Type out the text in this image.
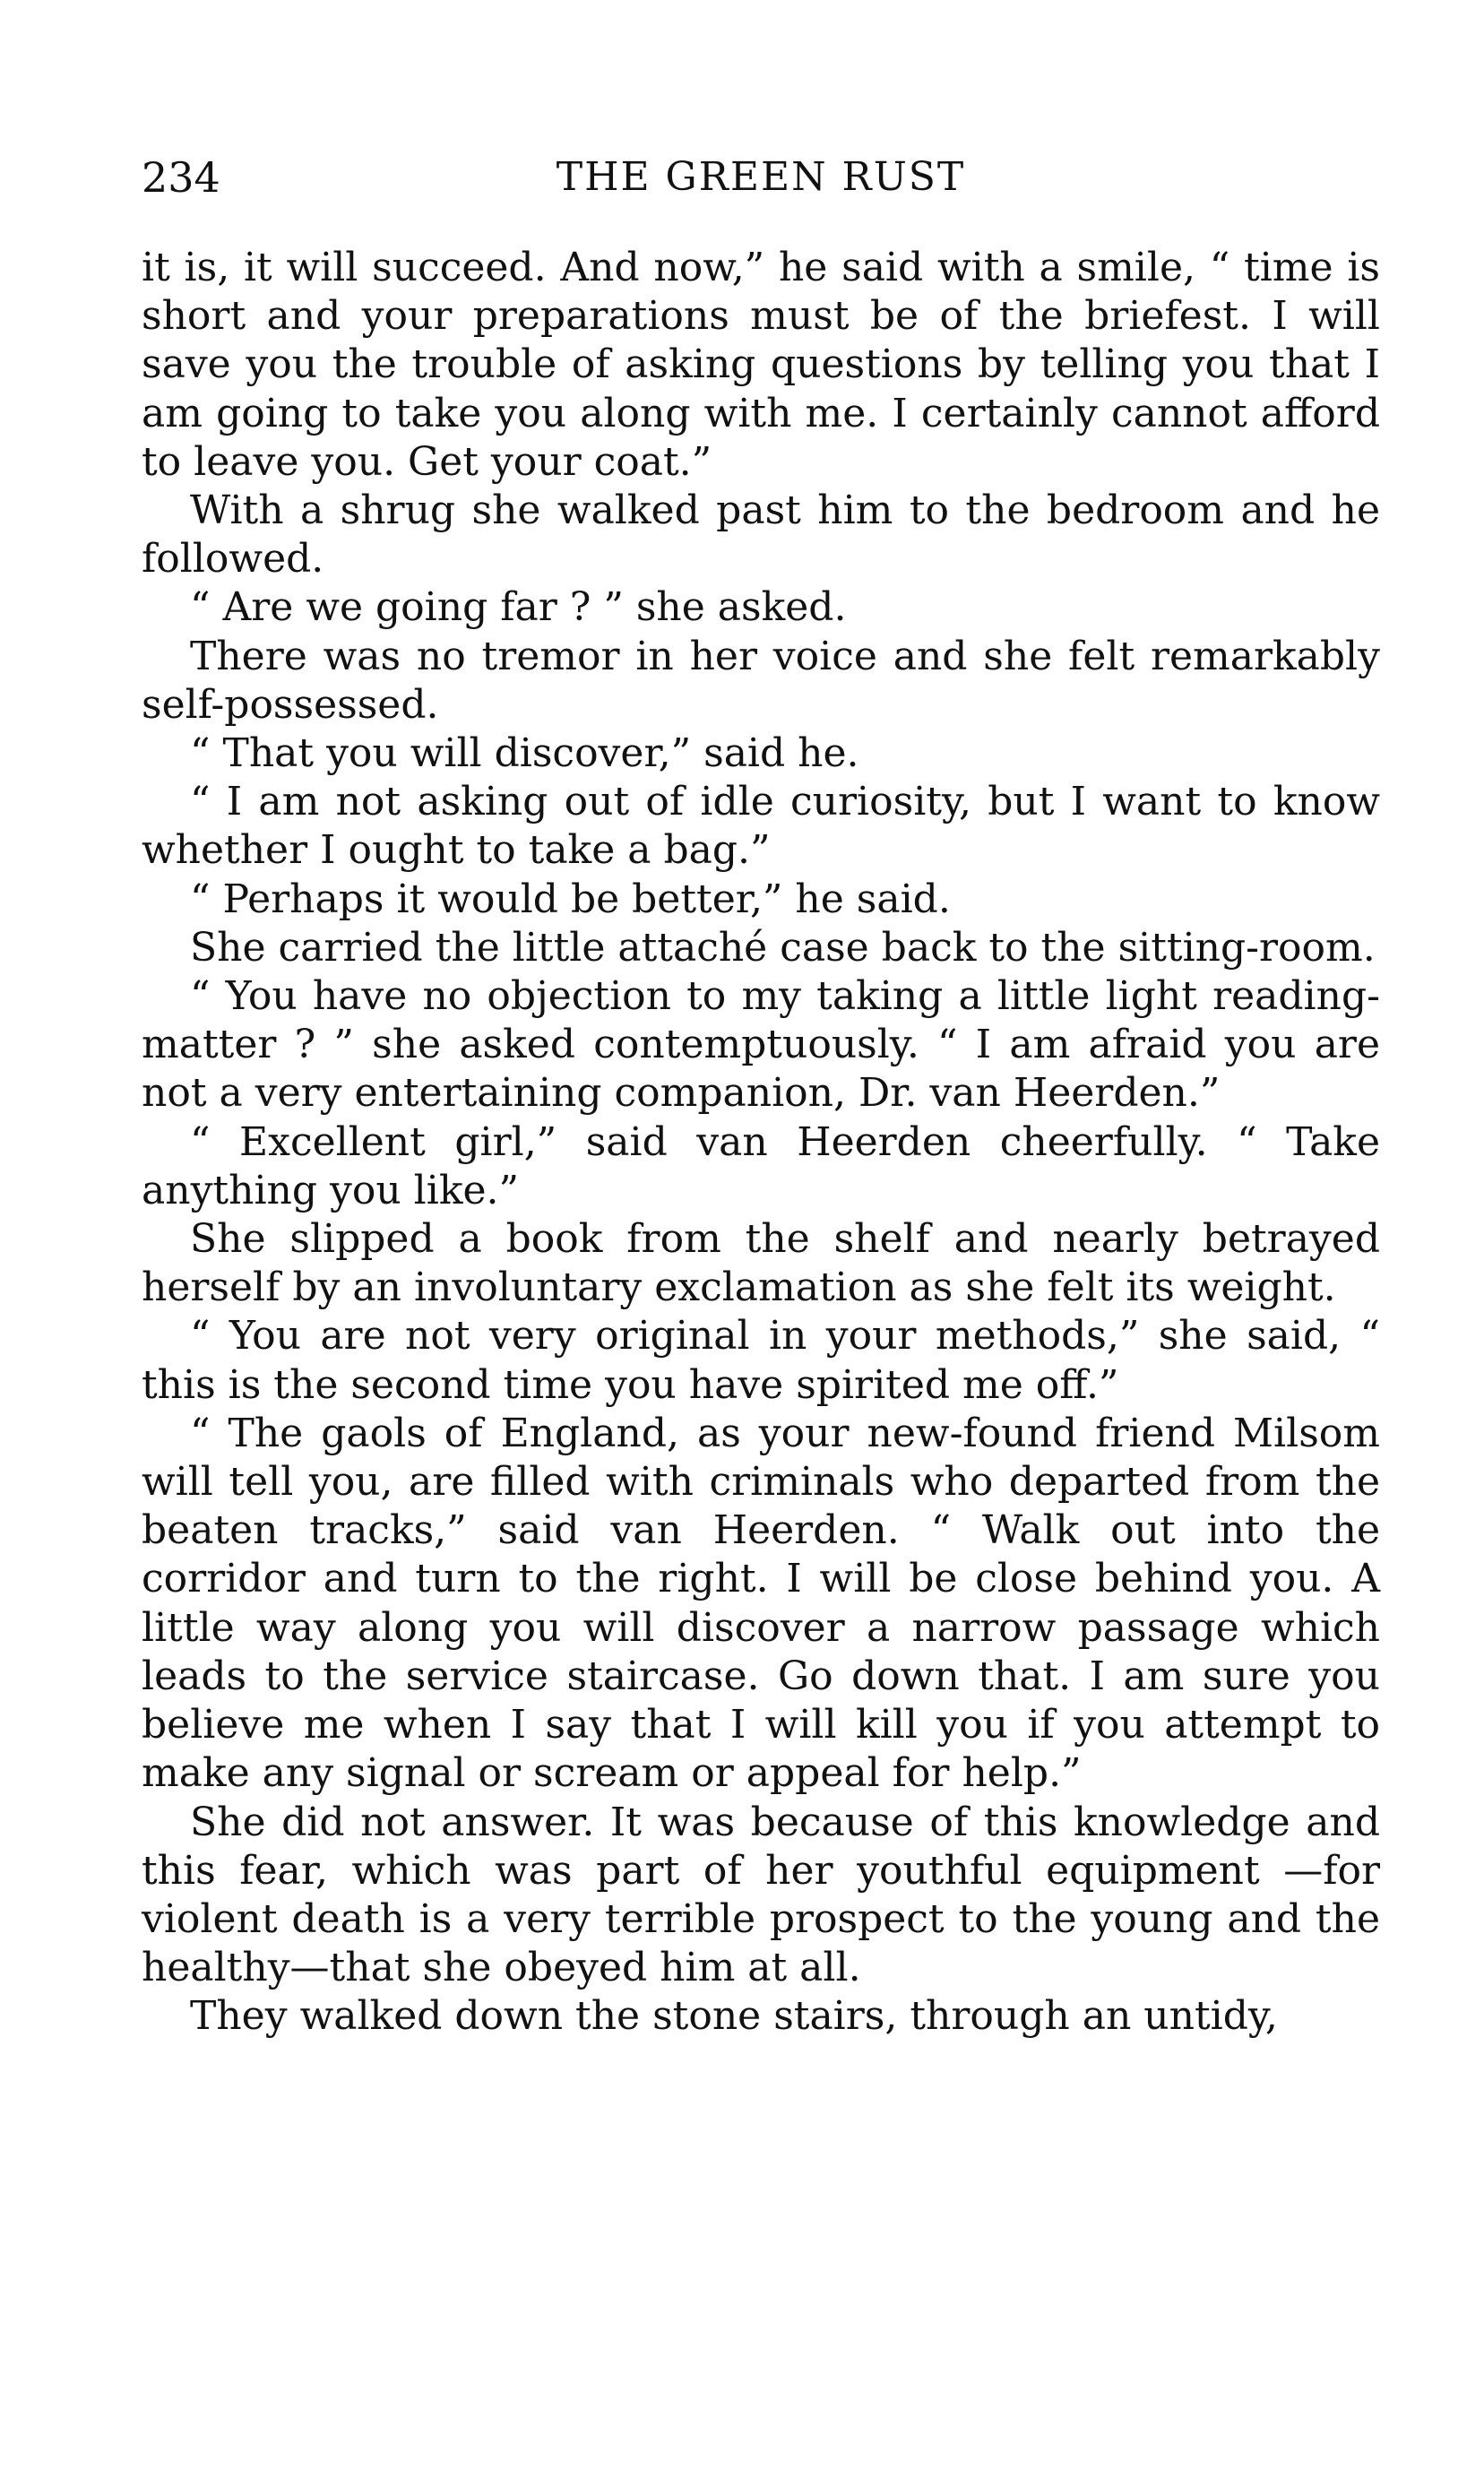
234	THE GREEN RUST

it is, it will succeed. And now,” he said with a smile, “ time is short and your preparations must be of the briefest. I will save you the trouble of asking questions by telling you that I am going to take you along with me. I certainly cannot afford to leave you. Get your coat.”

With a shrug she walked past him to the bedroom and he followed.

“ Are we going far ? ” she asked.

There was no tremor in her voice and she felt remarkably self-possessed.

“ That you will discover,” said he.

“ I am not asking out of idle curiosity, but I want to know whether I ought to take a bag.”

“ Perhaps it would be better,” he said.

She carried the little attaché case back to the sitting-room.

“ You have no objection to my taking a little light reading-matter ? ” she asked contemptuously. “ I am afraid you are not a very entertaining companion, Dr. van Heerden.”

“ Excellent girl,” said van Heerden cheerfully. “ Take anything you like.”

She slipped a book from the shelf and nearly betrayed herself by an involuntary exclamation as she felt its weight.

“ You are not very original in your methods,” she said, “ this is the second time you have spirited me off.”

“ The gaols of England, as your new-found friend Milsom will tell you, are filled with criminals who departed from the beaten tracks,” said van Heerden. “ Walk out into the corridor and turn to the right. I will be close behind you. A little way along you will discover a narrow passage which leads to the service staircase. Go down that. I am sure you believe me when I say that I will kill you if you attempt to make any signal or scream or appeal for help.”

She did not answer. It was because of this knowledge and this fear, which was part of her youthful equipment —for violent death is a very terrible prospect to the young and the healthy—that she obeyed him at all.

They walked down the stone stairs, through an untidy,
